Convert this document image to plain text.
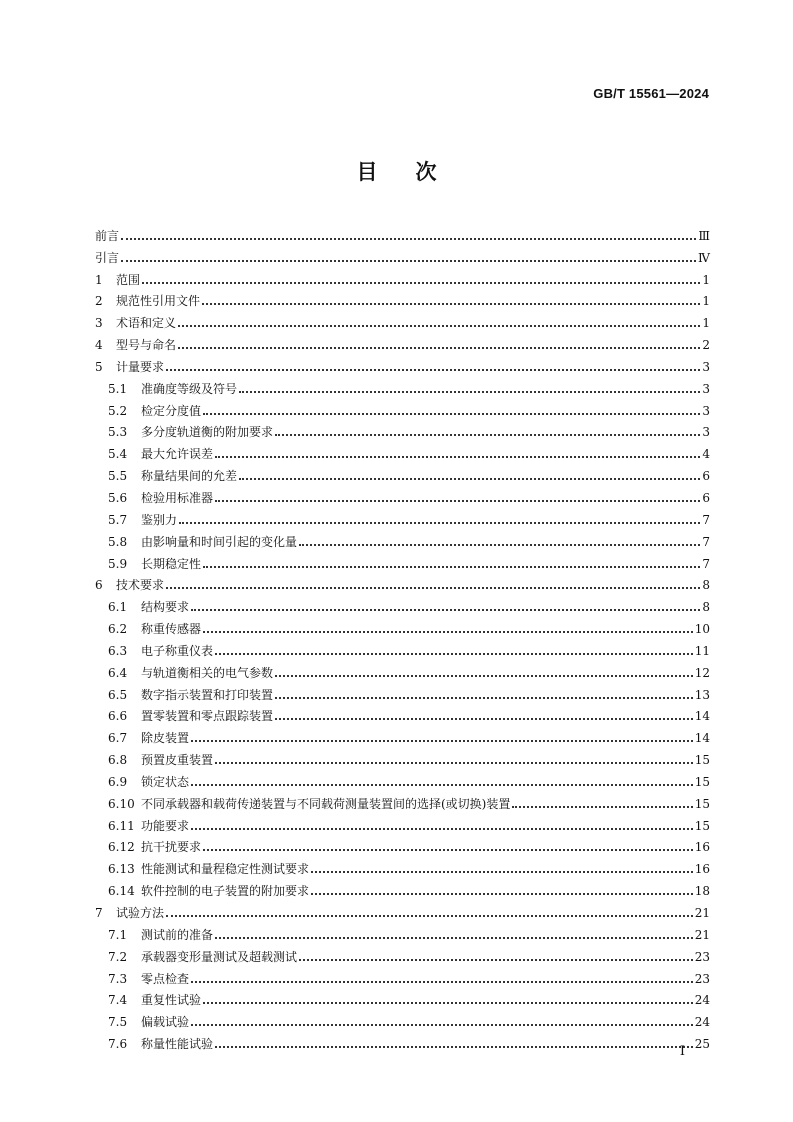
GB/T 15561—2024
目次
前言	Ⅲ
引言	Ⅳ
1	范围	1
2	规范性引用文件	1
3	术语和定义	1
4	型号与命名	2
5	计量要求	3
5.1	准确度等级及符号	3
5.2	检定分度值	3
5.3	多分度轨道衡的附加要求	3
5.4	最大允许误差	4
5.5	称量结果间的允差	6
5.6	检验用标准器	6
5.7	鉴别力	7
5.8	由影响量和时间引起的变化量	7
5.9	长期稳定性	7
6	技术要求	8
6.1	结构要求	8
6.2	称重传感器	10
6.3	电子称重仪表	11
6.4	与轨道衡相关的电气参数	12
6.5	数字指示装置和打印装置	13
6.6	置零装置和零点跟踪装置	14
6.7	除皮装置	14
6.8	预置皮重装置	15
6.9	锁定状态	15
6.10 不同承载器和载荷传递装置与不同载荷测量装置间的选择(或切换)装置	15
6.11 功能要求	15
6.12 抗干扰要求	16
6.13 性能测试和量程稳定性测试要求	16
6.14 软件控制的电子装置的附加要求	18
7	试验方法	21
7.1	测试前的准备	21
7.2	承载器变形量测试及超载测试	23
7.3	零点检查	23
7.4	重复性试验	24
7.5	偏载试验	24
7.6	称量性能试验	25
I
